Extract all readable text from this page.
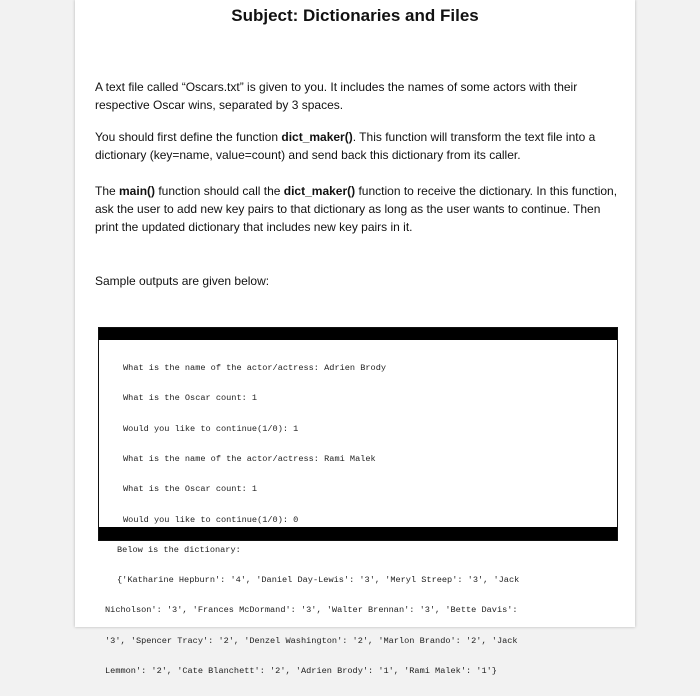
Subject: Dictionaries and Files

A text file called “Oscars.txt” is given to you. It includes the names of some actors with their respective Oscar wins, separated by 3 spaces.

You should first define the function dict_maker(). This function will transform the text file into a dictionary (key=name, value=count) and send back this dictionary from its caller.

The main() function should call the dict_maker() function to receive the dictionary. In this function, ask the user to add new key pairs to that dictionary as long as the user wants to continue. Then print the updated dictionary that includes new key pairs in it.

Sample outputs are given below:

What is the name of the actor/actress: Adrien Brody

What is the Oscar count: 1

Would you like to continue(1/0): 1

What is the name of the actor/actress: Rami Malek

What is the Oscar count: 1

Would you like to continue(1/0): 0

Below is the dictionary:

{'Katharine Hepburn': '4', 'Daniel Day-Lewis': '3', 'Meryl Streep': '3', 'Jack

Nicholson': '3', 'Frances McDormand': '3', 'Walter Brennan': '3', 'Bette Davis':

'3', 'Spencer Tracy': '2', 'Denzel Washington': '2', 'Marlon Brando': '2', 'Jack

Lemmon': '2', 'Cate Blanchett': '2', 'Adrien Brody': '1', 'Rami Malek': '1'}
